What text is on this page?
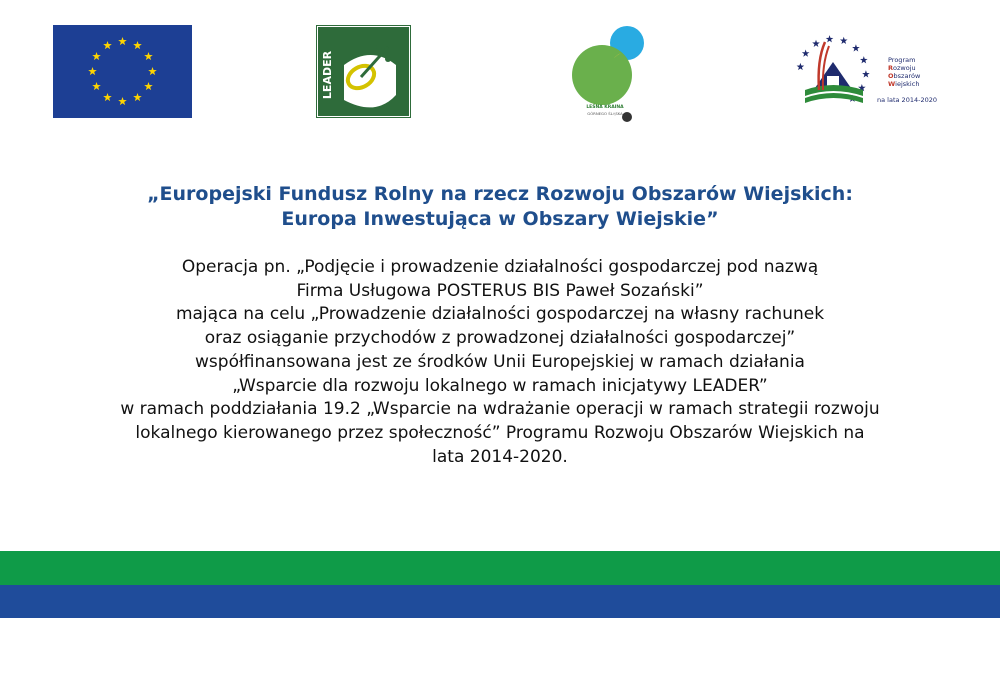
LEADER
LEŚNA KRAINA
GÓRNEGO ŚLĄSKA
Program
Rozwoju
Obszarów
Wiejskich
na lata 2014-2020
„Europejski Fundusz Rolny na rzecz Rozwoju Obszarów Wiejskich:
Europa Inwestująca w Obszary Wiejskie”
Operacja pn. „Podjęcie i prowadzenie działalności gospodarczej pod nazwą
Firma Usługowa POSTERUS BIS Paweł Sozański”
mająca na celu „Prowadzenie działalności gospodarczej na własny rachunek
oraz osiąganie przychodów z prowadzonej działalności gospodarczej”
współfinansowana jest ze środków Unii Europejskiej w ramach działania
„Wsparcie dla rozwoju lokalnego w ramach inicjatywy LEADER”
w ramach poddziałania 19.2 „Wsparcie na wdrażanie operacji w ramach strategii rozwoju
lokalnego kierowanego przez społeczność” Programu Rozwoju Obszarów Wiejskich na
lata 2014-2020.
